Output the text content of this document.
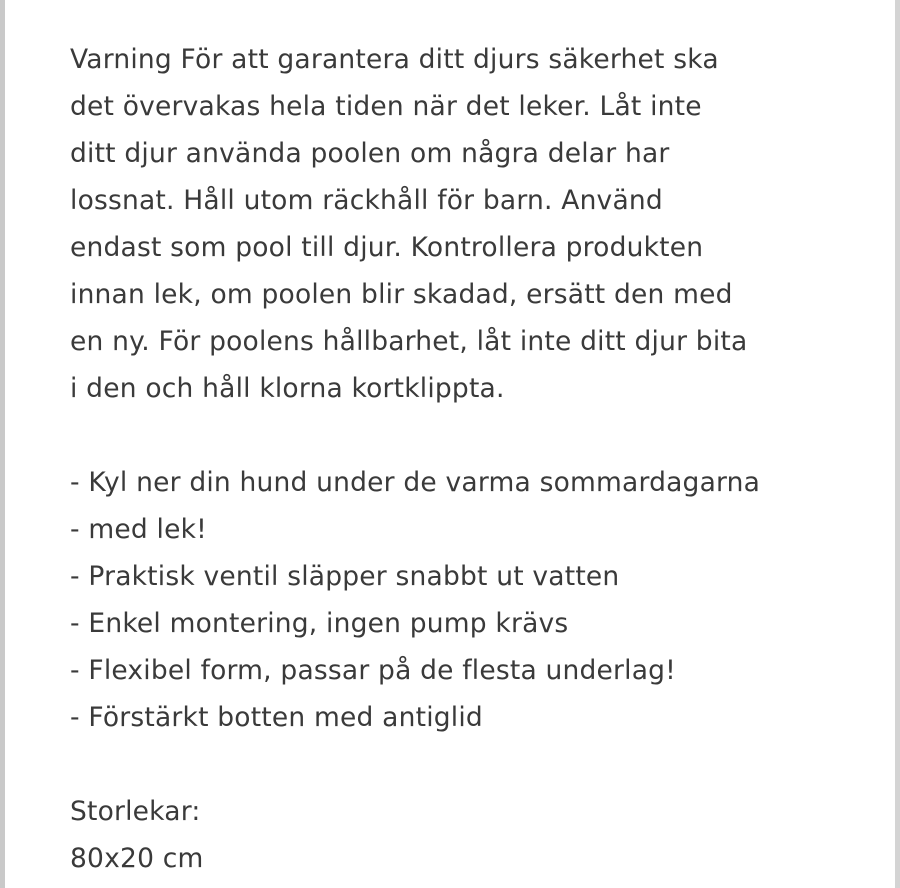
Varning För att garantera ditt djurs säkerhet ska
det övervakas hela tiden när det leker. Låt inte
ditt djur använda poolen om några delar har
lossnat. Håll utom räckhåll för barn. Använd
endast som pool till djur. Kontrollera produkten
innan lek, om poolen blir skadad, ersätt den med
en ny. För poolens hållbarhet, låt inte ditt djur bita
i den och håll klorna kortklippta.
- Kyl ner din hund under de varma sommardagarna
- med lek!
- Praktisk ventil släpper snabbt ut vatten
- Enkel montering, ingen pump krävs
- Flexibel form, passar på de flesta underlag!
- Förstärkt botten med antiglid
Storlekar:
80x20 cm
